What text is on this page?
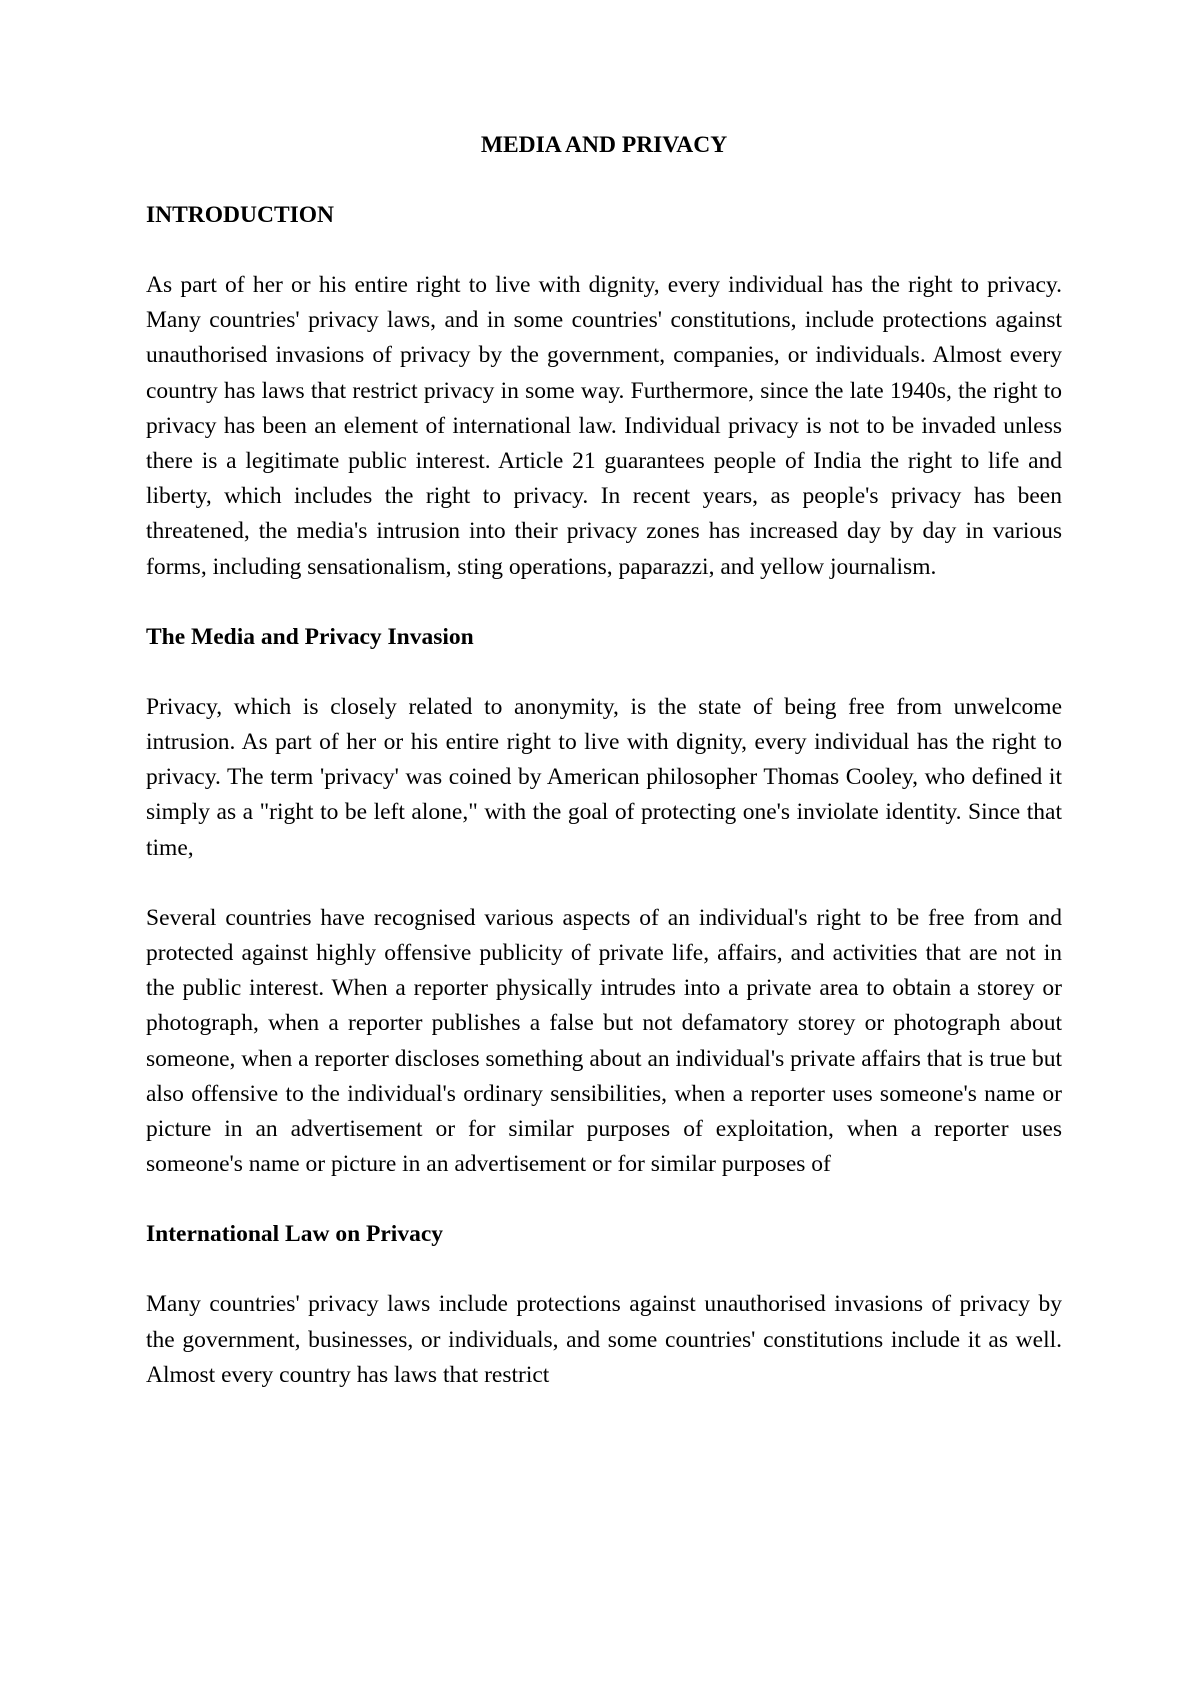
MEDIA AND PRIVACY
INTRODUCTION

As part of her or his entire right to live with dignity, every individual has the right to privacy. Many countries' privacy laws, and in some countries' constitutions, include protections against unauthorised invasions of privacy by the government, companies, or individuals. Almost every country has laws that restrict privacy in some way. Furthermore, since the late 1940s, the right to privacy has been an element of international law. Individual privacy is not to be invaded unless there is a legitimate public interest. Article 21 guarantees people of India the right to life and liberty, which includes the right to privacy. In recent years, as people's privacy has been threatened, the media's intrusion into their privacy zones has increased day by day in various forms, including sensationalism, sting operations, paparazzi, and yellow journalism.

The Media and Privacy Invasion

Privacy, which is closely related to anonymity, is the state of being free from unwelcome intrusion. As part of her or his entire right to live with dignity, every individual has the right to privacy. The term 'privacy' was coined by American philosopher Thomas Cooley, who defined it simply as a "right to be left alone," with the goal of protecting one's inviolate identity. Since that time,

Several countries have recognised various aspects of an individual's right to be free from and protected against highly offensive publicity of private life, affairs, and activities that are not in the public interest. When a reporter physically intrudes into a private area to obtain a storey or photograph, when a reporter publishes a false but not defamatory storey or photograph about someone, when a reporter discloses something about an individual's private affairs that is true but also offensive to the individual's ordinary sensibilities, when a reporter uses someone's name or picture in an advertisement or for similar purposes of exploitation, when a reporter uses someone's name or picture in an advertisement or for similar purposes of

International Law on Privacy

Many countries' privacy laws include protections against unauthorised invasions of privacy by the government, businesses, or individuals, and some countries' constitutions include it as well. Almost every country has laws that restrict
